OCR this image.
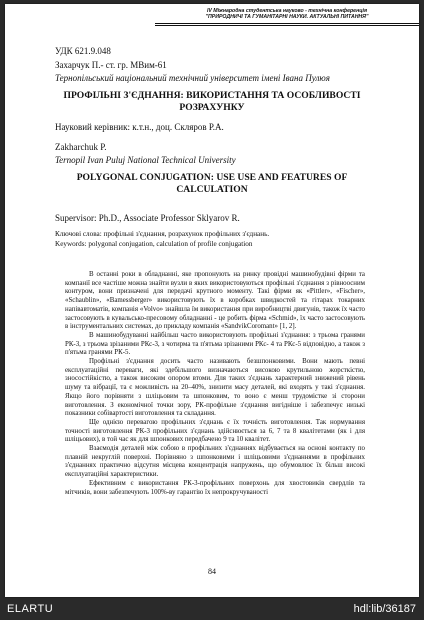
IV Міжнародна студентська науково - технічна конференція
"ПРИРОДНИЧІ ТА ГУМАНІТАРНІ НАУКИ. АКТУАЛЬНІ ПИТАННЯ"
УДК 621.9.048
Захарчук П.- ст. гр. МВим-61
Тернопільський національний технічний університет імені Івана Пулюя
ПРОФІЛЬНІ З'ЄДНАННЯ: ВИКОРИСТАННЯ ТА ОСОБЛИВОСТІ РОЗРАХУНКУ
Науковий керівник: к.т.н., доц. Скляров Р.А.
Zakharchuk P.
Ternopil Ivan Puluj National Technical University
POLYGONAL CONJUGATION: USE USE AND FEATURES OF CALCULATION
Supervisor: Ph.D., Associate Professor Sklyarov R.
Ключові слова: профільні з'єднання, розрахунок профільних з'єднань.
Keywords: polygonal conjugation, calculation of profile conjugation

В останні роки в обладнанні, яке пропонують на ринку провідні машинобудівні фірми та компанії все частіше можна знайти вузли в яких використовуються профільні з'єднання з рівноосним контуром, вони призначені для передачі крутного моменту. Такі фірми як «Pittler», «Fischer», «Schaublin», «Bamessberger» використовують їх в коробках швидкостей та гітарах токарних напівавтоматів, компанія «Volvo» знайшла їм використання при виробництві двигунів, також їх часто застосовують в кувальсько-пресовому обладнанні - це робить фірма «Schmid», їх часто застосовують в інструментальних системах, до прикладу компанія «SandvikCoromant» [1, 2].

В машинобудуванні найбільш часто використовують профільні з'єднання: з трьома гранями РК-3, з трьома зрізаними РКс-3, з чотирма та п'ятьма зрізаними РКс- 4 та РКс-5 відповідно, а також з п'ятьма гранями РК-5.

Профільні з'єднання досить часто називають безшпонковими. Вони мають певні експлуатаційні переваги, які здебільшого визначаються високою крутильною жорсткістю, зносостійкістю, а також високим опором втоми. Для таких з'єднань характерний знижений рівень шуму та вібрації, та є можливість на 20–40%, знизити масу деталей, які входять у такі з'єднання. Якщо його порівняти з шліцьовим та шпонковим, то воно є менш трудомістке зі сторони виготовлення. З економічної точки зору, РК-профільне з'єднання вигідніше і забезпечує низькі показники собівартості виготовлення та складання.

Ще однією перевагою профільних з'єднань є їх точність виготовлення. Так нормування точності виготовлення РК-3 профільних з'єднань здійснюється за 6, 7 та 8 квалітетами (як і для шліцьових), в той час як для шпонкових передбачено 9 та 10 квалітет.

Взаємодія деталей між собою в профільних з'єднаннях відбувається на основі контакту по плавній некруглій поверхні. Порівняно з шпонковими і шліцьовими з'єднаннями в профільних з'єднаннях практично відсутня місцева концентрація напружень, що обумовлює їх більш високі експлуатаційні характеристики.

Ефективним є використання РК-3-профільних поверхонь для хвостовиків свердлів та мітчиків, вони забезпечують 100%-ву гарантію їх непрокручуваності

84
ELARTU	hdl:lib/36187
